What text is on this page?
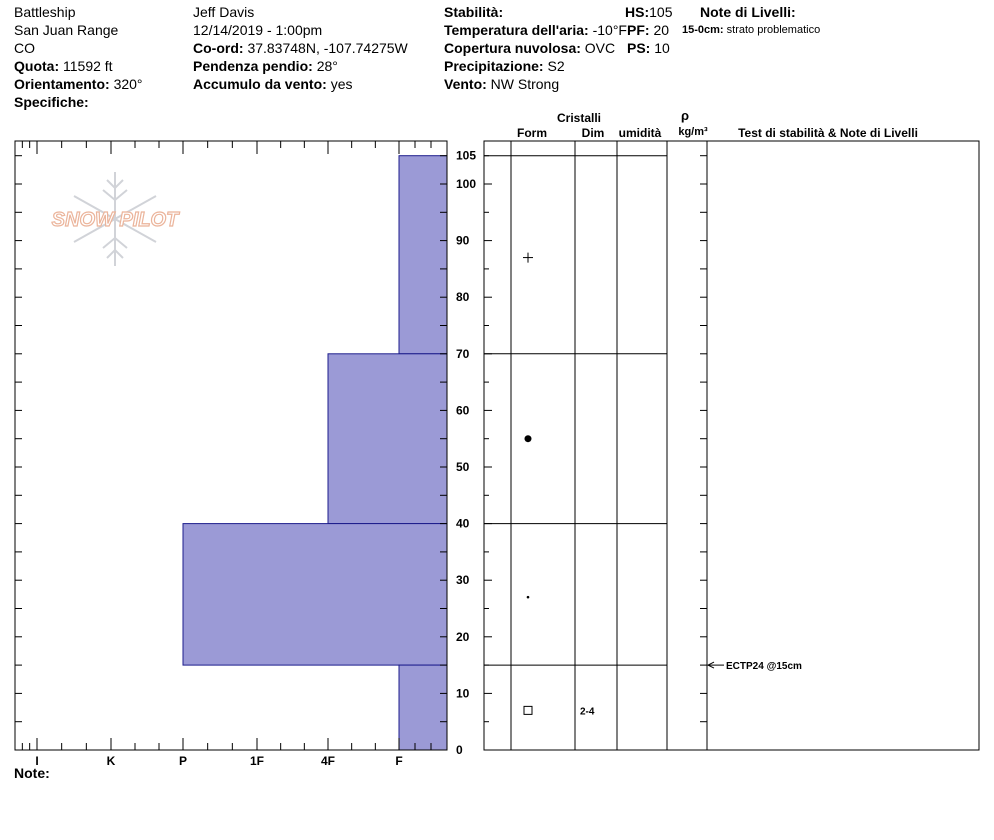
Battleship
San Juan Range
CO
Quota: 11592 ft
Orientamento: 320°
Specifiche:
Jeff Davis
12/14/2019 - 1:00pm
Co-ord: 37.83748N, -107.74275W
Pendenza pendio: 28°
Accumulo da vento: yes
Stabilità:
Temperatura dell'aria: -10°F
Copertura nuvolosa: OVC
Precipitazione: S2
Vento: NW Strong
HS:105
PF: 20
PS: 10
Note di Livelli:
15-0cm: strato problematico
SNOW PILOT
Cristalli
Form	Dim umidità
ρ
kg/m³	Test di stabilità & Note di Livelli
I	K	P	1F	4F	F
0
10
20
30
40
50
60
70
80
90
100
105
2-4
ECTP24 @15cm
Note:
